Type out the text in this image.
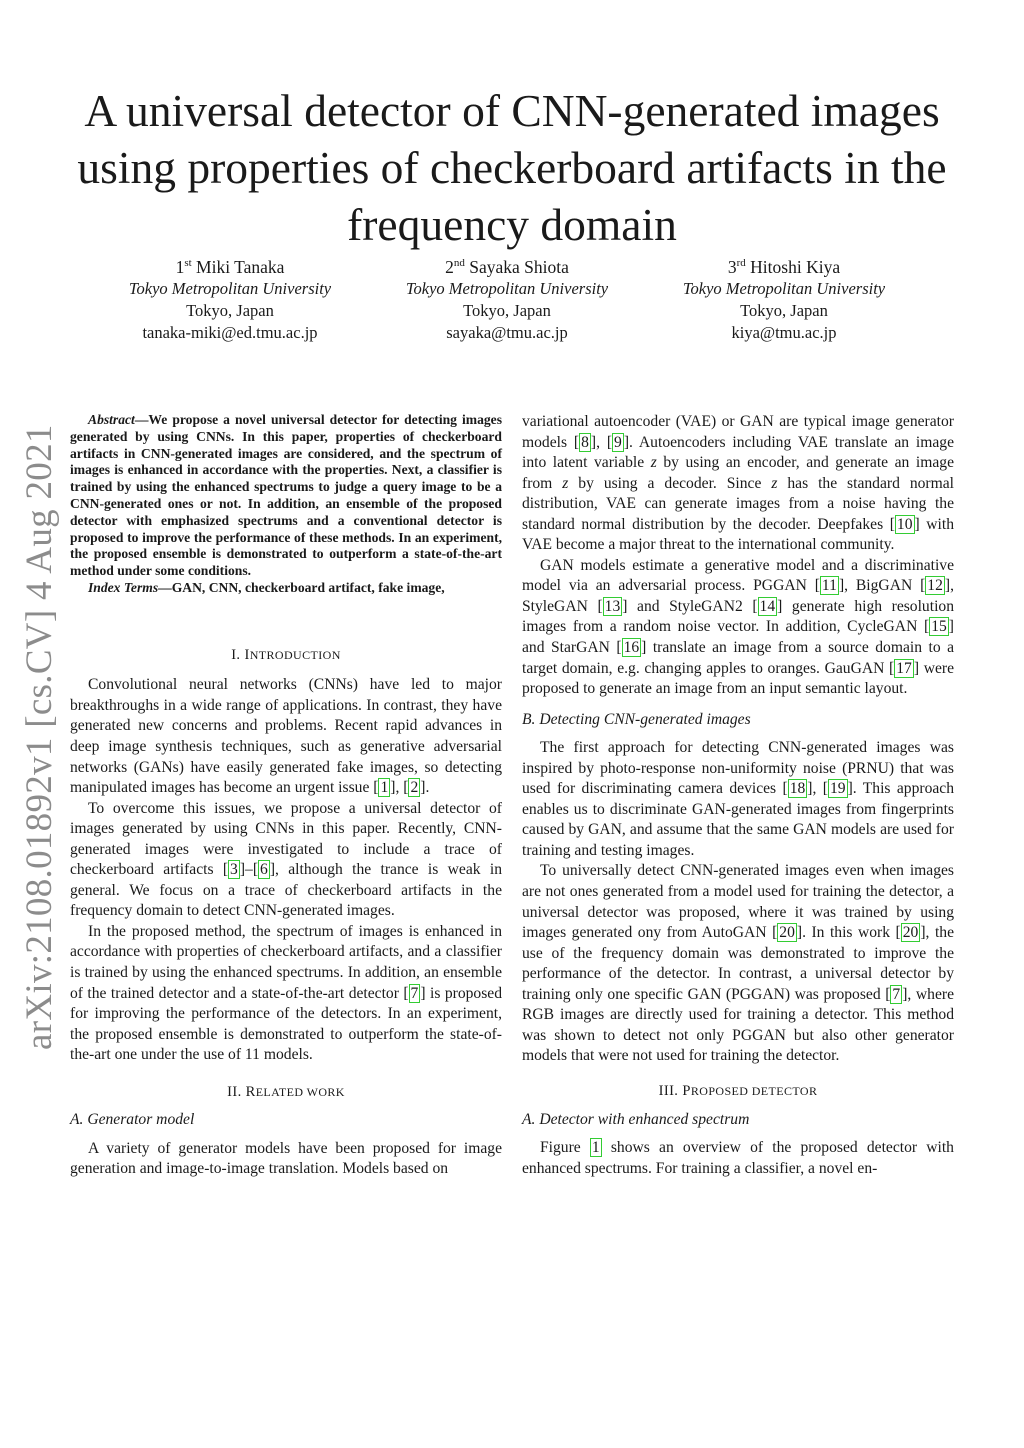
arXiv:2108.01892v1 [cs.CV] 4 Aug 2021
A universal detector of CNN-generated images using properties of checkerboard artifacts in the frequency domain
1st Miki Tanaka
Tokyo Metropolitan University
Tokyo, Japan
tanaka-miki@ed.tmu.ac.jp
2nd Sayaka Shiota
Tokyo Metropolitan University
Tokyo, Japan
sayaka@tmu.ac.jp
3rd Hitoshi Kiya
Tokyo Metropolitan University
Tokyo, Japan
kiya@tmu.ac.jp

Abstract—We propose a novel universal detector for detecting images generated by using CNNs. In this paper, properties of checkerboard artifacts in CNN-generated images are considered, and the spectrum of images is enhanced in accordance with the properties. Next, a classifier is trained by using the enhanced spectrums to judge a query image to be a CNN-generated ones or not. In addition, an ensemble of the proposed detector with emphasized spectrums and a conventional detector is proposed to improve the performance of these methods. In an experiment, the proposed ensemble is demonstrated to outperform a state-of-the-art method under some conditions.

Index Terms—GAN, CNN, checkerboard artifact, fake image,

I. INTRODUCTION

Convolutional neural networks (CNNs) have led to major breakthroughs in a wide range of applications. In contrast, they have generated new concerns and problems. Recent rapid advances in deep image synthesis techniques, such as generative adversarial networks (GANs) have easily generated fake images, so detecting manipulated images has become an urgent issue [ 1 ], [ 2 ].

To overcome this issues, we propose a universal detector of images generated by using CNNs in this paper. Recently, CNN-generated images were investigated to include a trace of checkerboard artifacts [ 3 ]–[ 6 ], although the trance is weak in general. We focus on a trace of checkerboard artifacts in the frequency domain to detect CNN-generated images.

In the proposed method, the spectrum of images is enhanced in accordance with properties of checkerboard artifacts, and a classifier is trained by using the enhanced spectrums. In addition, an ensemble of the trained detector and a state-of-the-art detector [ 7 ] is proposed for improving the performance of the detectors. In an experiment, the proposed ensemble is demonstrated to outperform the state-of-the-art one under the use of 11 models.

II. RELATED WORK

A. Generator model

A variety of generator models have been proposed for image generation and image-to-image translation. Models based on

variational autoencoder (VAE) or GAN are typical image generator models [ 8 ], [ 9 ]. Autoencoders including VAE translate an image into latent variable z by using an encoder, and generate an image from z by using a decoder. Since z has the standard normal distribution, VAE can generate images from a noise having the standard normal distribution by the decoder. Deepfakes [ 10 ] with VAE become a major threat to the international community.

GAN models estimate a generative model and a discriminative model via an adversarial process. PGGAN [ 11 ], BigGAN [ 12 ], StyleGAN [ 13 ] and StyleGAN2 [ 14 ] generate high resolution images from a random noise vector. In addition, CycleGAN [ 15 ] and StarGAN [ 16 ] translate an image from a source domain to a target domain, e.g. changing apples to oranges. GauGAN [ 17 ] were proposed to generate an image from an input semantic layout.

B. Detecting CNN-generated images

The first approach for detecting CNN-generated images was inspired by photo-response non-uniformity noise (PRNU) that was used for discriminating camera devices [ 18 ], [ 19 ]. This approach enables us to discriminate GAN-generated images from fingerprints caused by GAN, and assume that the same GAN models are used for training and testing images.

To universally detect CNN-generated images even when images are not ones generated from a model used for training the detector, a universal detector was proposed, where it was trained by using images generated ony from AutoGAN [ 20 ]. In this work [ 20 ], the use of the frequency domain was demonstrated to improve the performance of the detector. In contrast, a universal detector by training only one specific GAN (PGGAN) was proposed [ 7 ], where RGB images are directly used for training a detector. This method was shown to detect not only PGGAN but also other generator models that were not used for training the detector.

III. PROPOSED DETECTOR

A. Detector with enhanced spectrum

Figure 1 shows an overview of the proposed detector with enhanced spectrums. For training a classifier, a novel en-
